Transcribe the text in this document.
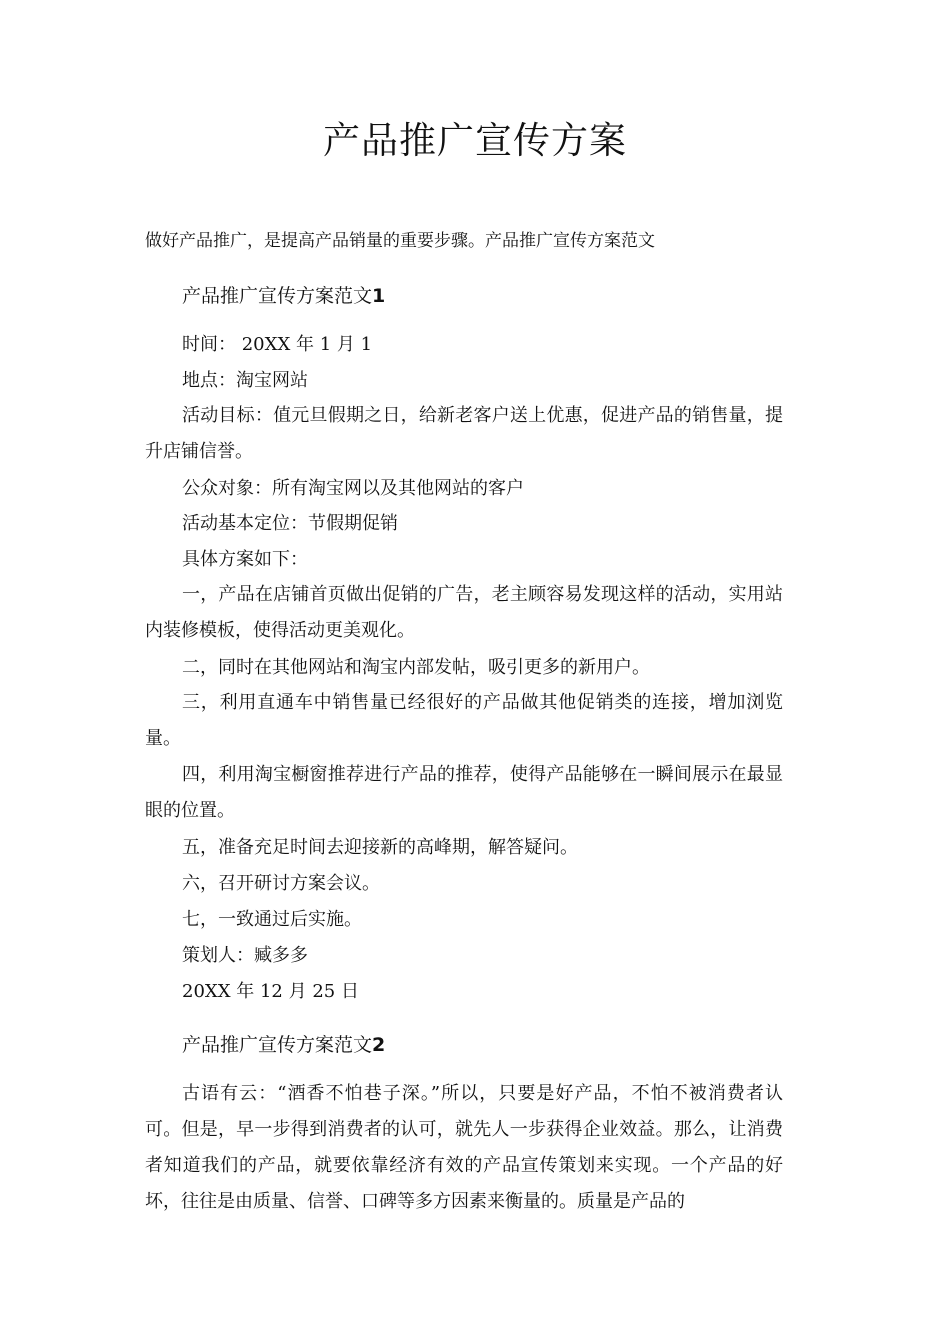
产品推广宣传方案
做好产品推广，是提高产品销量的重要步骤。产品推广宣传方案范文
产品推广宣传方案范文1
时间： 20XX 年 1 月 1
地点：淘宝网站
活动目标：值元旦假期之日，给新老客户送上优惠，促进产品的销售量，提升店铺信誉。
公众对象：所有淘宝网以及其他网站的客户
活动基本定位：节假期促销
具体方案如下：
一，产品在店铺首页做出促销的广告，老主顾容易发现这样的活动，实用站内装修模板，使得活动更美观化。
二，同时在其他网站和淘宝内部发帖，吸引更多的新用户。
三，利用直通车中销售量已经很好的产品做其他促销类的连接，增加浏览量。
四，利用淘宝橱窗推荐进行产品的推荐，使得产品能够在一瞬间展示在最显眼的位置。
五，准备充足时间去迎接新的高峰期，解答疑问。
六，召开研讨方案会议。
七，一致通过后实施。
策划人：臧多多
20XX 年 12 月 25 日
产品推广宣传方案范文2
古语有云：“酒香不怕巷子深。”所以，只要是好产品，不怕不被消费者认可。但是，早一步得到消费者的认可，就先人一步获得企业效益。那么，让消费者知道我们的产品，就要依靠经济有效的产品宣传策划来实现。一个产品的好坏，往往是由质量、信誉、口碑等多方因素来衡量的。质量是产品的
